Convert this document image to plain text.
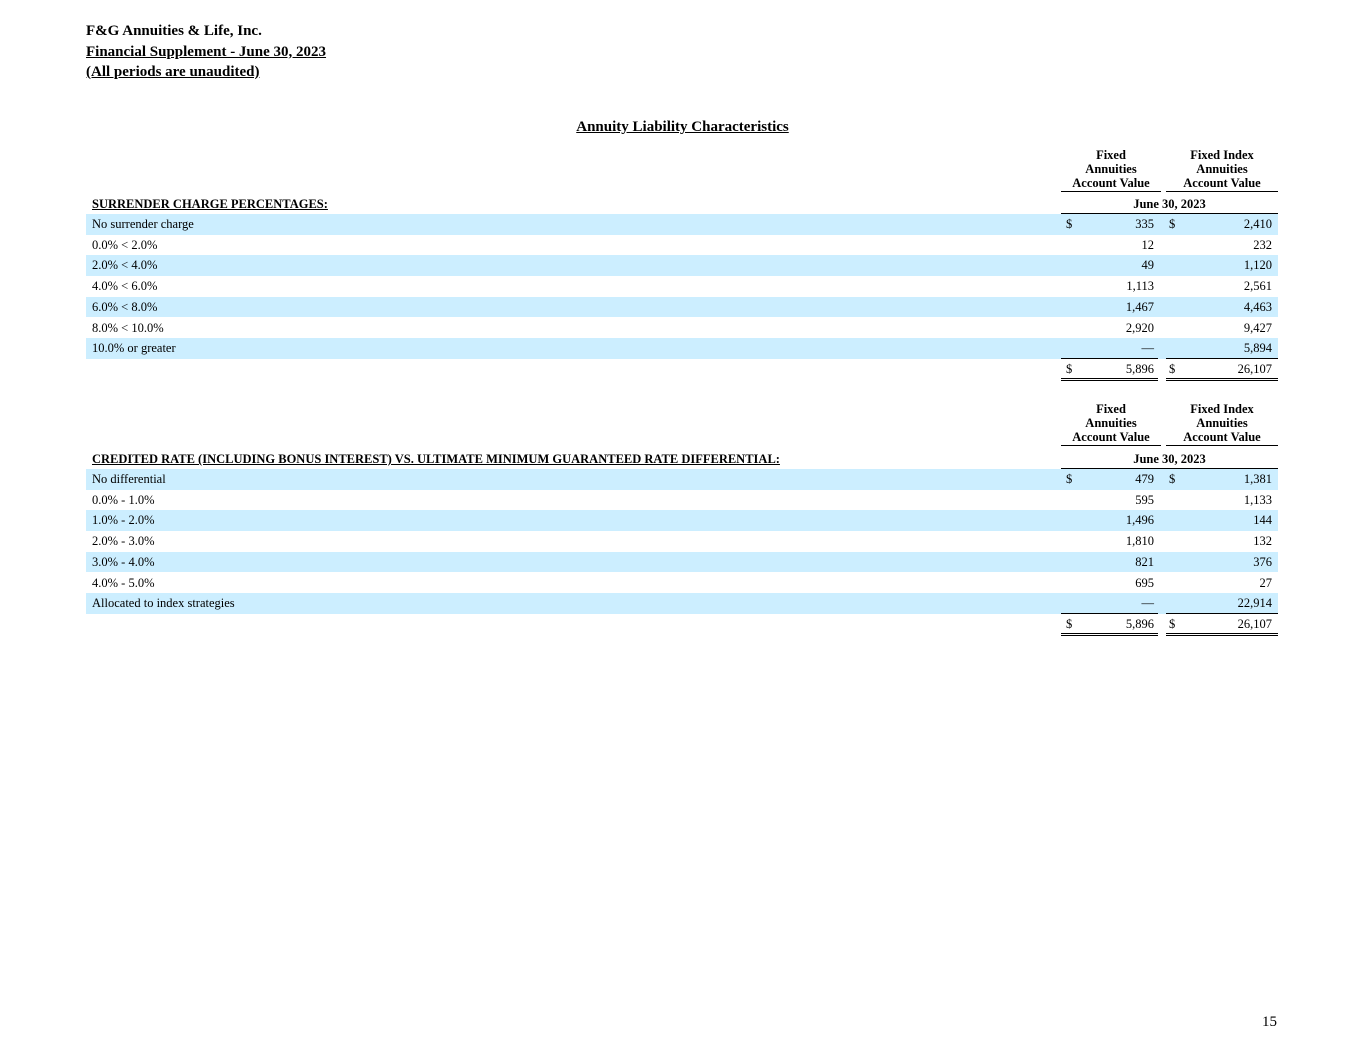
F&G Annuities & Life, Inc.
Financial Supplement - June 30, 2023
(All periods are unaudited)
Annuity Liability Characteristics
Fixed
Annuities
Account Value
Fixed Index
Annuities
Account Value
SURRENDER CHARGE PERCENTAGES:	June 30, 2023
No surrender charge	$	335 $	2,410
0.0% < 2.0%	12	232
2.0% < 4.0%	49	1,120
4.0% < 6.0%	1,113	2,561
6.0% < 8.0%	1,467	4,463
8.0% < 10.0%	2,920	9,427
10.0% or greater	—	5,894
$	5,896 $	26,107
Fixed
Annuities
Account Value
Fixed Index
Annuities
Account Value
CREDITED RATE (INCLUDING BONUS INTEREST) VS. ULTIMATE MINIMUM GUARANTEED RATE DIFFERENTIAL:	June 30, 2023
No differential	$	479 $	1,381
0.0% - 1.0%	595	1,133
1.0% - 2.0%	1,496	144
2.0% - 3.0%	1,810	132
3.0% - 4.0%	821	376
4.0% - 5.0%	695	27
Allocated to index strategies	—	22,914
$	5,896 $	26,107
15
